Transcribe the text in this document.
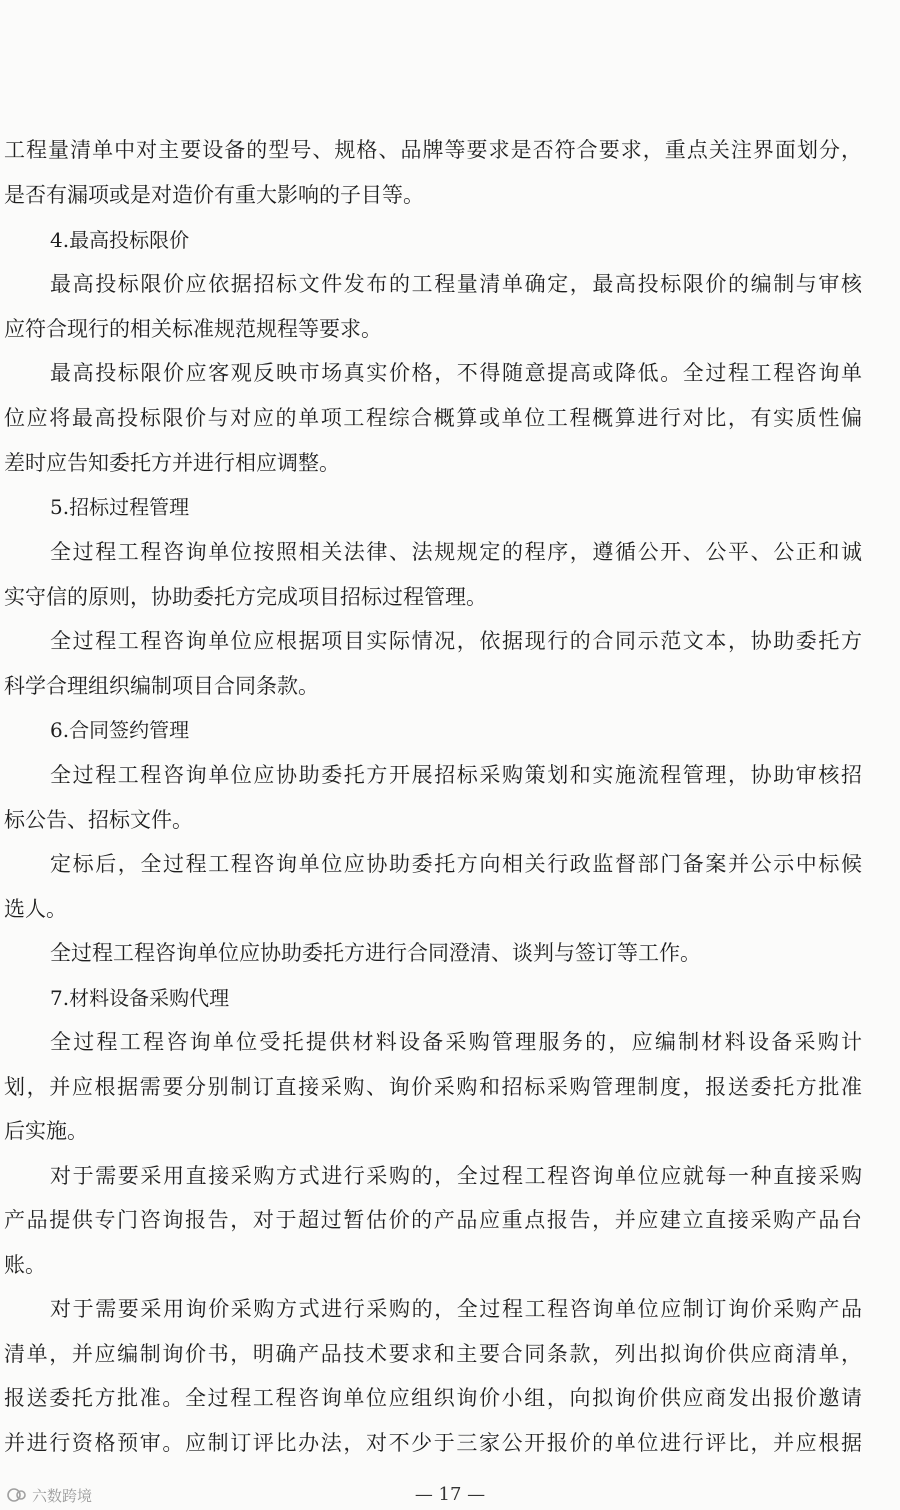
工程量清单中对主要设备的型号、规格、品牌等要求是否符合要求，重点关注界面划分，
是否有漏项或是对造价有重大影响的子目等。
4.最高投标限价
最高投标限价应依据招标文件发布的工程量清单确定，最高投标限价的编制与审核
应符合现行的相关标准规范规程等要求。
最高投标限价应客观反映市场真实价格，不得随意提高或降低。全过程工程咨询单
位应将最高投标限价与对应的单项工程综合概算或单位工程概算进行对比，有实质性偏
差时应告知委托方并进行相应调整。
5.招标过程管理
全过程工程咨询单位按照相关法律、法规规定的程序，遵循公开、公平、公正和诚
实守信的原则，协助委托方完成项目招标过程管理。
全过程工程咨询单位应根据项目实际情况，依据现行的合同示范文本，协助委托方
科学合理组织编制项目合同条款。
6.合同签约管理
全过程工程咨询单位应协助委托方开展招标采购策划和实施流程管理，协助审核招
标公告、招标文件。
定标后，全过程工程咨询单位应协助委托方向相关行政监督部门备案并公示中标候
选人。
全过程工程咨询单位应协助委托方进行合同澄清、谈判与签订等工作。
7.材料设备采购代理
全过程工程咨询单位受托提供材料设备采购管理服务的，应编制材料设备采购计
划，并应根据需要分别制订直接采购、询价采购和招标采购管理制度，报送委托方批准
后实施。
对于需要采用直接采购方式进行采购的，全过程工程咨询单位应就每一种直接采购
产品提供专门咨询报告，对于超过暂估价的产品应重点报告，并应建立直接采购产品台
账。
对于需要采用询价采购方式进行采购的，全过程工程咨询单位应制订询价采购产品
清单，并应编制询价书，明确产品技术要求和主要合同条款，列出拟询价供应商清单，
报送委托方批准。全过程工程咨询单位应组织询价小组，向拟询价供应商发出报价邀请
并进行资格预审。应制订评比办法，对不少于三家公开报价的单位进行评比，并应根据
— 17 —
六数跨境
